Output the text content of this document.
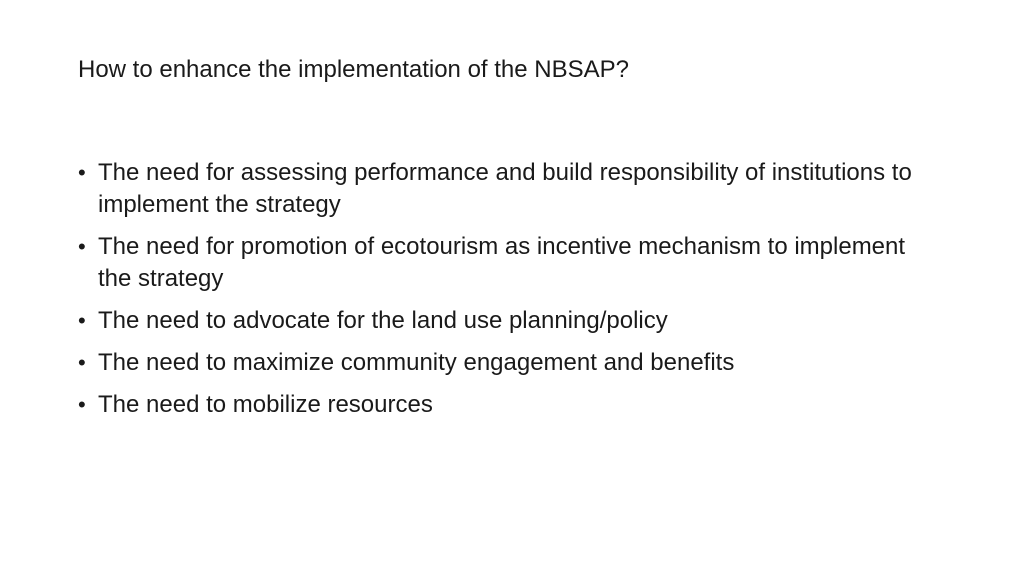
How to enhance the implementation of the NBSAP?
• The need for assessing performance and build responsibility of institutions to implement the strategy
• The need for promotion of ecotourism as incentive mechanism to implement the strategy
• The need to advocate for the land use planning/policy
• The need to maximize community engagement and benefits
• The need to mobilize resources
